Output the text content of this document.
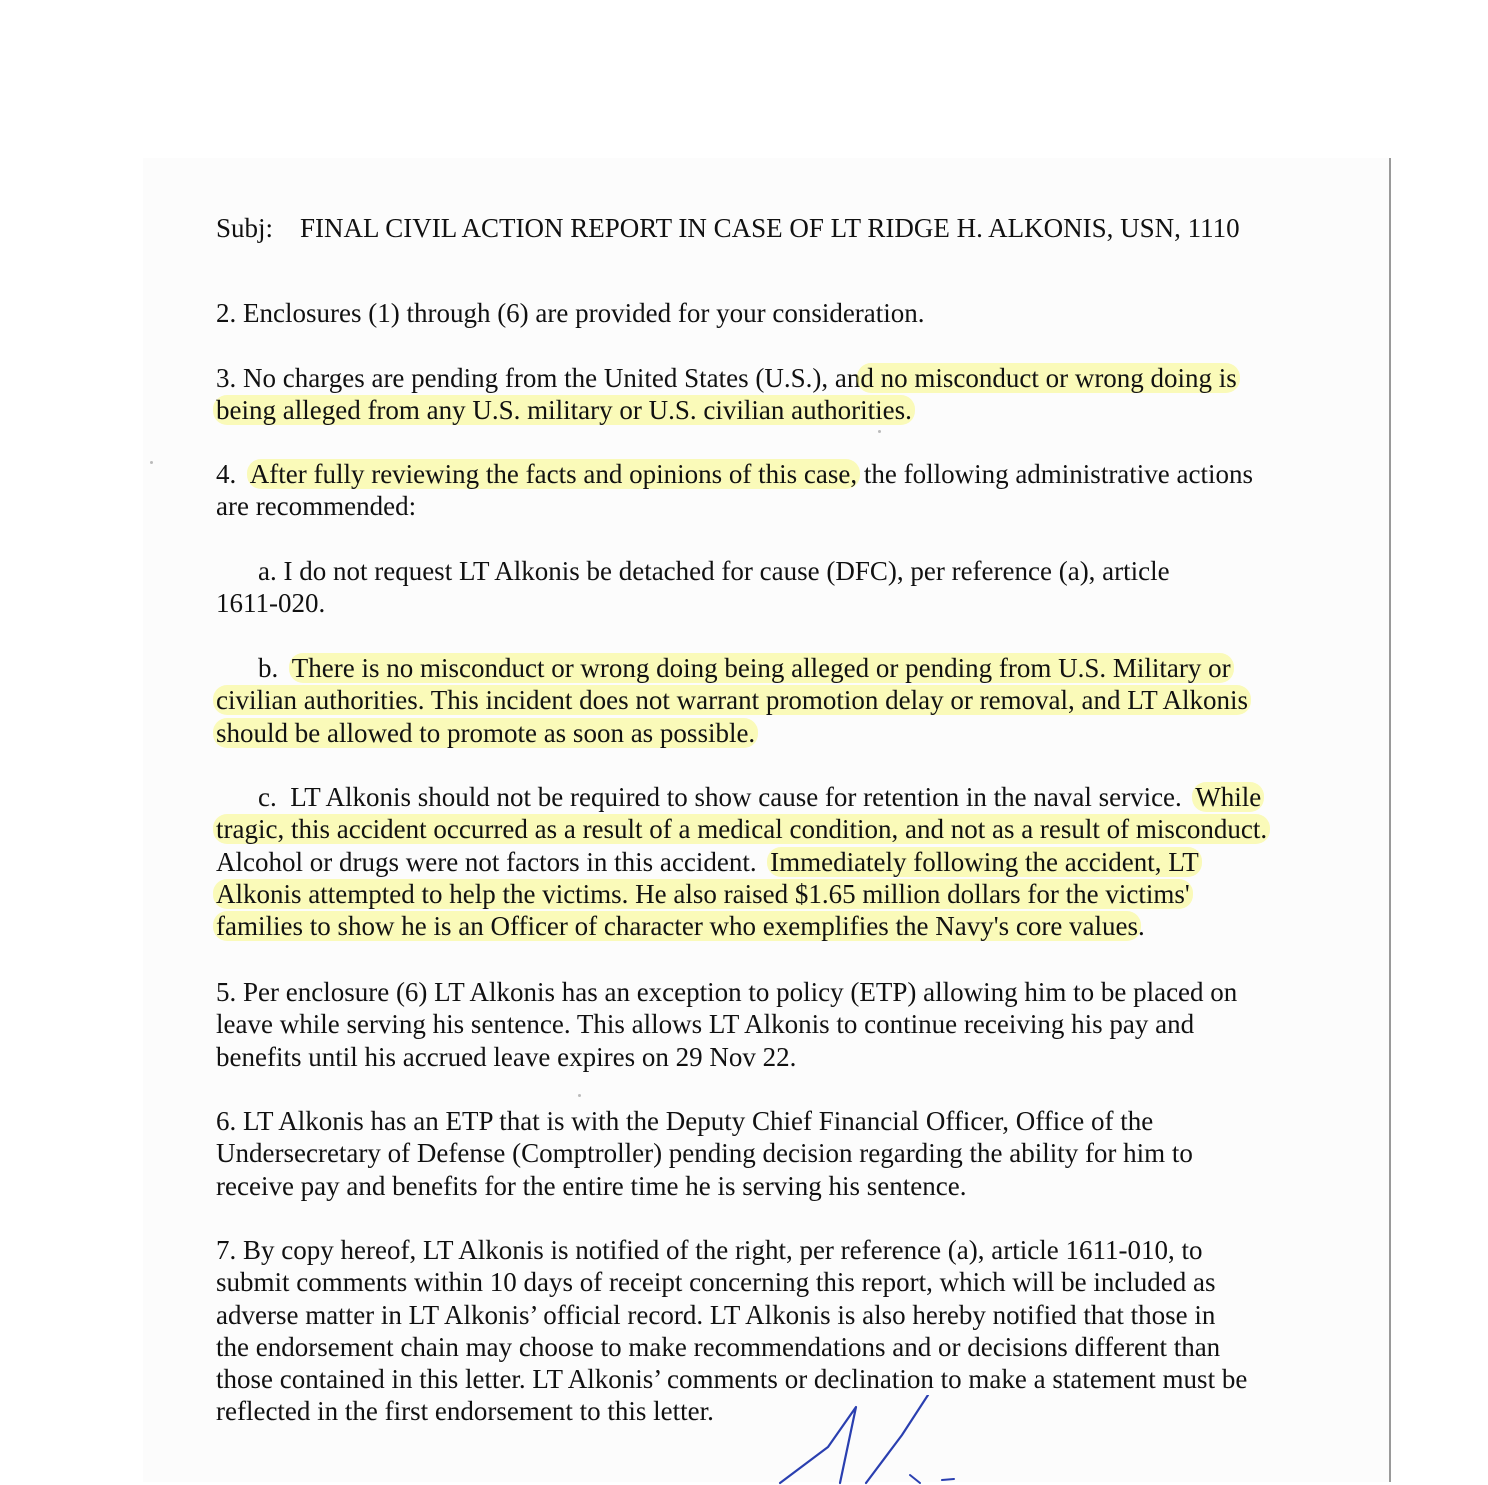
Subj: FINAL CIVIL ACTION REPORT IN CASE OF LT RIDGE H. ALKONIS, USN, 1110

2. Enclosures (1) through (6) are provided for your consideration.

3. No charges are pending from the United States (U.S.), and no misconduct or wrong doing is
being alleged from any U.S. military or U.S. civilian authorities.

4.  After fully reviewing the facts and opinions of this case, the following administrative actions
are recommended:

a. I do not request LT Alkonis be detached for cause (DFC), per reference (a), article
1611-020.

b.  There is no misconduct or wrong doing being alleged or pending from U.S. Military or
civilian authorities. This incident does not warrant promotion delay or removal, and LT Alkonis
should be allowed to promote as soon as possible.

c.  LT Alkonis should not be required to show cause for retention in the naval service.  While
tragic, this accident occurred as a result of a medical condition, and not as a result of misconduct.
Alcohol or drugs were not factors in this accident.  Immediately following the accident, LT
Alkonis attempted to help the victims. He also raised $1.65 million dollars for the victims'
families to show he is an Officer of character who exemplifies the Navy's core values.

5. Per enclosure (6) LT Alkonis has an exception to policy (ETP) allowing him to be placed on
leave while serving his sentence. This allows LT Alkonis to continue receiving his pay and
benefits until his accrued leave expires on 29 Nov 22.

6. LT Alkonis has an ETP that is with the Deputy Chief Financial Officer, Office of the
Undersecretary of Defense (Comptroller) pending decision regarding the ability for him to
receive pay and benefits for the entire time he is serving his sentence.

7. By copy hereof, LT Alkonis is notified of the right, per reference (a), article 1611-010, to
submit comments within 10 days of receipt concerning this report, which will be included as
adverse matter in LT Alkonis’ official record. LT Alkonis is also hereby notified that those in
the endorsement chain may choose to make recommendations and or decisions different than
those contained in this letter. LT Alkonis’ comments or declination to make a statement must be
reflected in the first endorsement to this letter.
